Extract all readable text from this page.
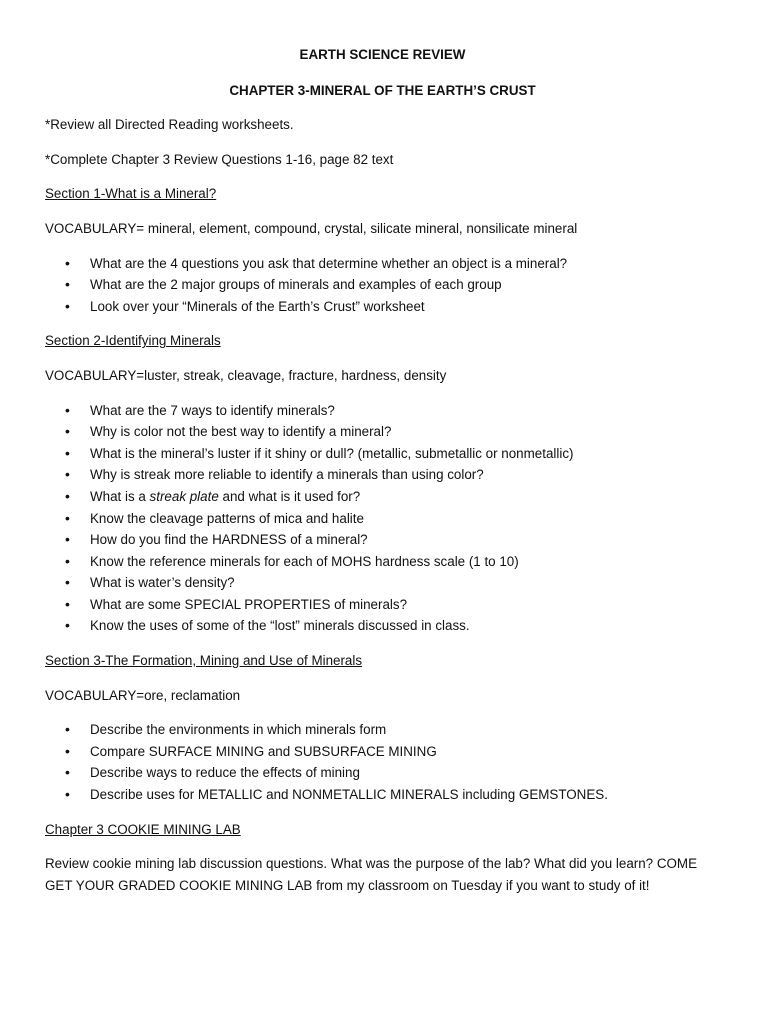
EARTH SCIENCE REVIEW

CHAPTER 3-MINERAL OF THE EARTH’S CRUST

*Review all Directed Reading worksheets.

*Complete Chapter 3 Review Questions 1-16, page 82 text

Section 1-What is a Mineral?

VOCABULARY= mineral, element, compound, crystal, silicate mineral, nonsilicate mineral

• What are the 4 questions you ask that determine whether an object is a mineral?
• What are the 2 major groups of minerals and examples of each group
• Look over your “Minerals of the Earth’s Crust” worksheet

Section 2-Identifying Minerals

VOCABULARY=luster, streak, cleavage, fracture, hardness, density

• What are the 7 ways to identify minerals?
• Why is color not the best way to identify a mineral?
• What is the mineral’s luster if it shiny or dull? (metallic, submetallic or nonmetallic)
• Why is streak more reliable to identify a minerals than using color?
• What is a streak plate and what is it used for?
• Know the cleavage patterns of mica and halite
• How do you find the HARDNESS of a mineral?
• Know the reference minerals for each of MOHS hardness scale (1 to 10)
• What is water’s density?
• What are some SPECIAL PROPERTIES of minerals?
• Know the uses of some of the “lost” minerals discussed in class.

Section 3-The Formation, Mining and Use of Minerals

VOCABULARY=ore, reclamation

• Describe the environments in which minerals form
• Compare SURFACE MINING and SUBSURFACE MINING
• Describe ways to reduce the effects of mining
• Describe uses for METALLIC and NONMETALLIC MINERALS including GEMSTONES.

Chapter 3 COOKIE MINING LAB

Review cookie mining lab discussion questions. What was the purpose of the lab? What did you learn? COME
GET YOUR GRADED COOKIE MINING LAB from my classroom on Tuesday if you want to study of it!
